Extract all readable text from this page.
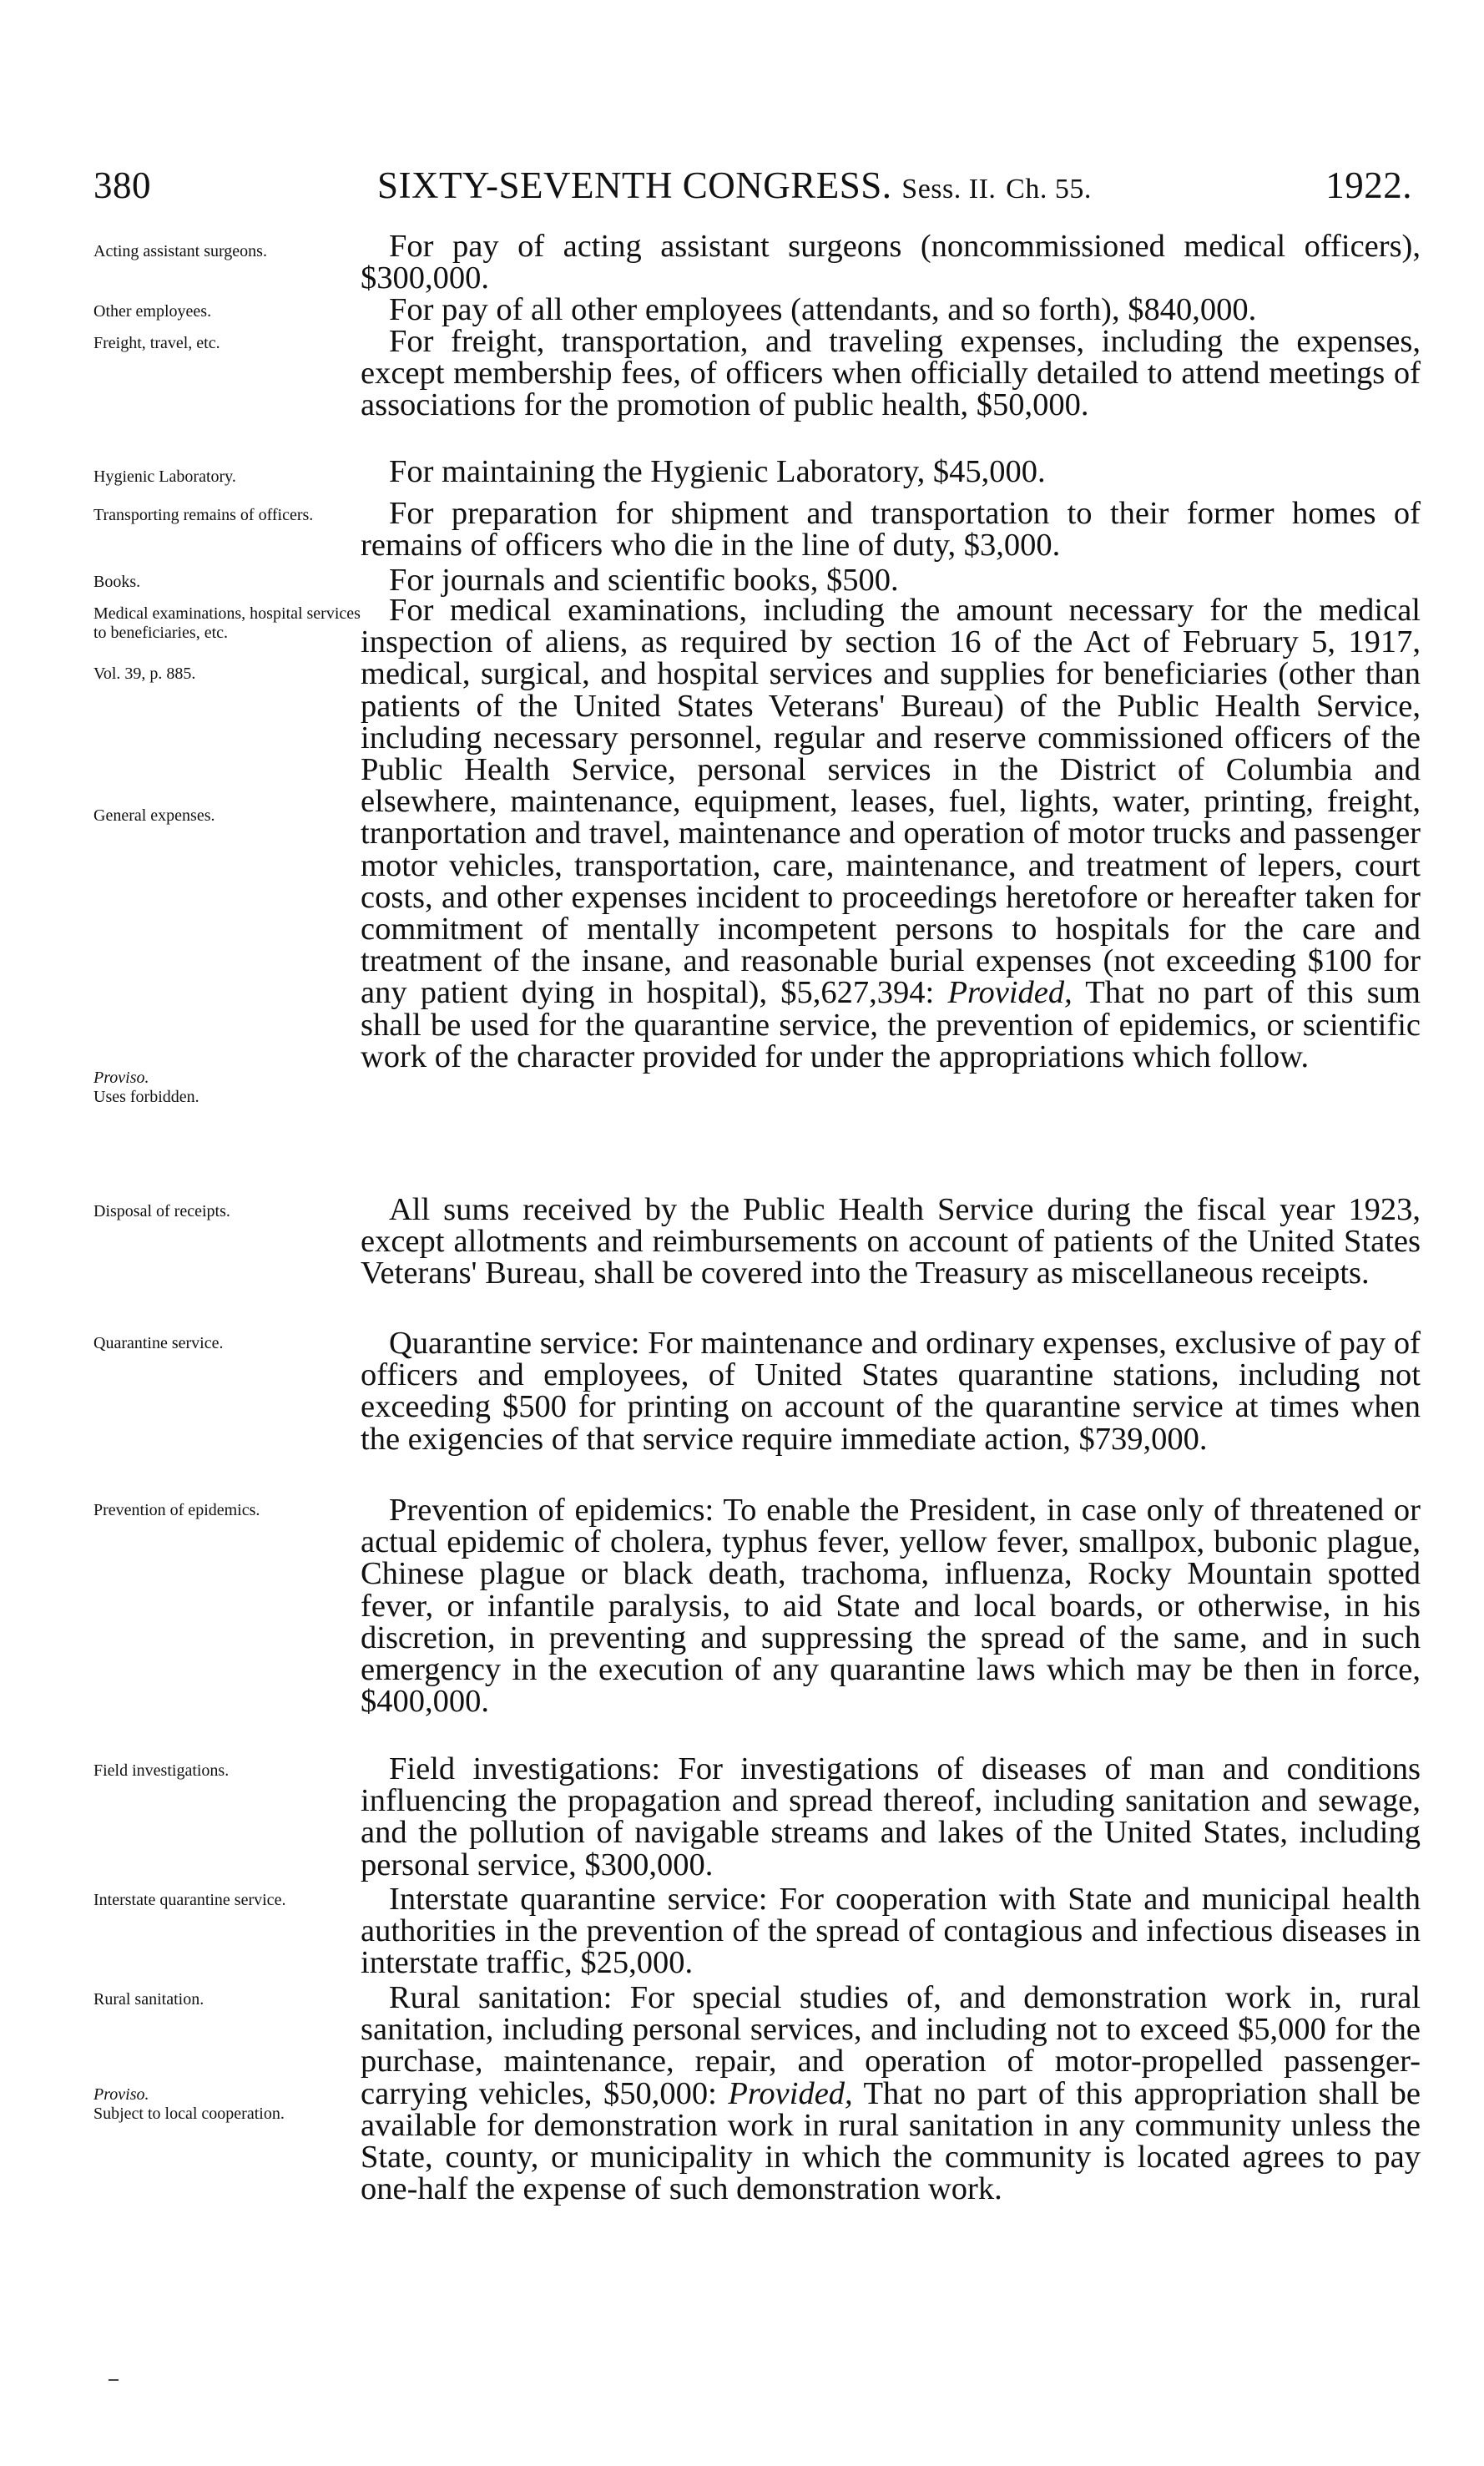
380	SIXTY-SEVENTH CONGRESS. Sess. II. Ch. 55.	1922.
Acting assistant surgeons.
Other employees.
Freight, travel, etc.
Hygienic Laboratory.
Transporting remains of officers.
Books.
Medical examinations, hospital services to beneficiaries, etc.
Vol. 39, p. 885.
General expenses.
Proviso.
Uses forbidden.
Disposal of receipts.
Quarantine service.
Prevention of epidemics.
Field investigations.
Interstate quarantine service.
Rural sanitation.
Proviso.
Subject to local cooperation.

For pay of acting assistant surgeons (noncommissioned medical officers), $300,000.

For pay of all other employees (attendants, and so forth), $840,000.

For freight, transportation, and traveling expenses, including the expenses, except membership fees, of officers when officially detailed to attend meetings of associations for the promotion of public health, $50,000.

For maintaining the Hygienic Laboratory, $45,000.

For preparation for shipment and transportation to their former homes of remains of officers who die in the line of duty, $3,000.

For journals and scientific books, $500.

For medical examinations, including the amount necessary for the medical inspection of aliens, as required by section 16 of the Act of February 5, 1917, medical, surgical, and hospital services and supplies for beneficiaries (other than patients of the United States Veterans' Bureau) of the Public Health Service, including necessary personnel, regular and reserve commissioned officers of the Public Health Service, personal services in the District of Columbia and elsewhere, maintenance, equipment, leases, fuel, lights, water, printing, freight, tranportation and travel, maintenance and operation of motor trucks and passenger motor vehicles, transportation, care, maintenance, and treatment of lepers, court costs, and other expenses incident to proceedings heretofore or hereafter taken for commitment of mentally incompetent persons to hospitals for the care and treatment of the insane, and reasonable burial expenses (not exceeding $100 for any patient dying in hospital), $5,627,394: Provided, That no part of this sum shall be used for the quarantine service, the prevention of epidemics, or scientific work of the character provided for under the appropriations which follow.

All sums received by the Public Health Service during the fiscal year 1923, except allotments and reimbursements on account of patients of the United States Veterans' Bureau, shall be covered into the Treasury as miscellaneous receipts.

Quarantine service: For maintenance and ordinary expenses, exclusive of pay of officers and employees, of United States quarantine stations, including not exceeding $500 for printing on account of the quarantine service at times when the exigencies of that service require immediate action, $739,000.

Prevention of epidemics: To enable the President, in case only of threatened or actual epidemic of cholera, typhus fever, yellow fever, smallpox, bubonic plague, Chinese plague or black death, trachoma, influenza, Rocky Mountain spotted fever, or infantile paralysis, to aid State and local boards, or otherwise, in his discretion, in preventing and suppressing the spread of the same, and in such emergency in the execution of any quarantine laws which may be then in force, $400,000.

Field investigations: For investigations of diseases of man and conditions influencing the propagation and spread thereof, including sanitation and sewage, and the pollution of navigable streams and lakes of the United States, including personal service, $300,000.

Interstate quarantine service: For cooperation with State and municipal health authorities in the prevention of the spread of contagious and infectious diseases in interstate traffic, $25,000.

Rural sanitation: For special studies of, and demonstration work in, rural sanitation, including personal services, and including not to exceed $5,000 for the purchase, maintenance, repair, and operation of motor-propelled passenger-carrying vehicles, $50,000: Provided, That no part of this appropriation shall be available for demonstration work in rural sanitation in any community unless the State, county, or municipality in which the community is located agrees to pay one-half the expense of such demonstration work.
